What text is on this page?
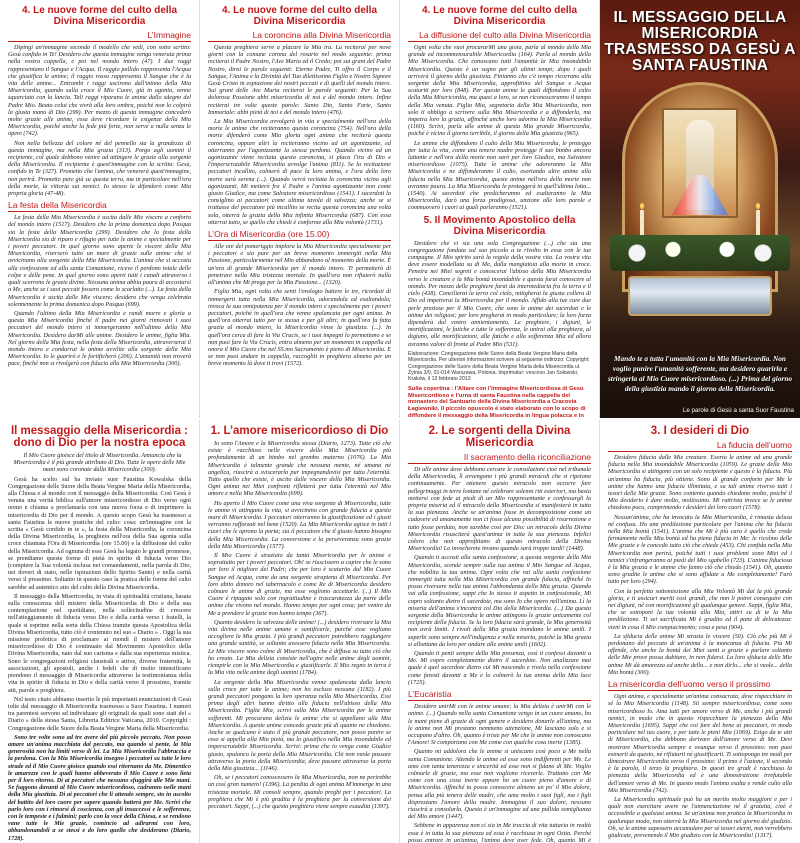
4. Le nuove forme del culto della Divina Misericordia
L’Immagine

Dipingi un'immagine secondo il modello che vedi, con sotto scritto: Gesù confido in Te! Desidero che questa immagine venga venerata prima nella vostra cappella, e poi nel mondo intero (47). I due raggi rappresentano il Sangue e l'Acqua. Il raggio pallido rappresenta l'Acqua che giustifica le anime; il raggio rosso rappresenta il Sangue che è la vita delle anime... Entrambi i raggi uscirono dall'intimo della Mia Misericordia, quando sulla croce il Mio Cuore, già in agonia, venne squarciato con la lancia. Tali raggi riparano le anime dallo sdegno del Padre Mio. Beato colui che vivrà alla loro ombra, poiché non lo colpirà la giusta mano di Dio (299). Per mezzo di questa immagine concederò molte grazie alle anime, essa deve ricordare le esigenze della Mia Misericordia, poiché anche la fede più forte, non serve a nulla senza le opere (742).

Non nella bellezza del colore né del pennello sta la grandezza di questa immagine, ma nella Mia grazia (313). Porgo agli uomini il recipiente, col quale debbono venire ad attingere le grazie alla sorgente della Misericordia. Il recipiente è quest'immagine con la scritta: Gesù, confido in Te (327). Prometto che l'anima, che venererà quest'immagine, non perirà. Prometto pure già su questa terra, ma in particolare nell'ora della morte, la vittoria sui nemici. Io stesso la difenderò come Mia propria gloria (47-48).

La festa della Misericordia

La festa della Mia Misericordia è uscita dalle Mie viscere a conforto del mondo intero (1517). Desidero che la prima domenica dopo Pasqua sia la festa della Misericordia (299). Desidero che la festa della Misericordia sia di riparo e rifugio per tutte le anime e specialmente per i poveri peccatori. In quel giorno sono aperte le viscere della Mia Misericordia, riverserò tutto un mare di grazie sulle anime che si avvicinano alla sorgente della Mia Misericordia. L'anima che si accosta alla confessione ed alla santa Comunione, riceve il perdono totale delle colpe e delle pene. In quel giorno sono aperti tutti i canali attraverso i quali scorrono le grazie divine. Nessuna anima abbia paura di accostarsi a Me, anche se i suoi peccati fossero come lo scarlatto (...). La festa della Misericordia è uscita dalle Mie viscere; desidero che venga celebrata solennemente la prima domenica dopo Pasqua (699).

Quando l'ultimo della Mia Misericordia e randi morre e gloria a questa Mia Misericordia finché il padre nei giorni rinnovati i suoi peccatori del mondo intero si immergeranno nell'ultimo della Mia Misericordia. Desidero darMi alle anime. Desidero le anime, figlia Mia. Nel giorno della Mia festa, nella festa della Misericordia, attraverserai il mondo intero e condurrai le anime avvilite alla sorgente della Mia Misericordia. Io le guarirò e le fortificherò (206). L'umanità non troverà pace, finché non si rivolgerà con fiducia alla Mia Misericordia (300).

4. Le nuove forme del culto della Divina Misericordia
La coroncina alla Divina Misericordia

Questa preghiera serve a placare la Mia ira. La reciterai per nove giorni con la comune corona del rosario nel modo seguente: prima reciterai il Padre Nostro, l'Ave Maria ed il Credo; poi sui grani del Padre Nostro, dirai le parole seguenti: Eterno Padre, Ti offro il Corpo e il Sangue, l'Anima e la Divinità del Tuo dilettissimo Figlio e Nostro Signore Gesù Cristo in espiazione dei nostri peccati e di quelli del mondo intero. Sui grani delle Ave Maria reciterai le parole seguenti: Per la Sua dolorosa Passione abbi misericordia di noi e del mondo intero. Infine reciterai tre volte queste parole: Santo Dio, Santo Forte, Santo Immortale: abbi pietà di noi e del mondo intero (476).

La Mia Misericordia avvolgerà in vita e specialmente nell'ora della morte le anime che reciteranno questa coroncina (754). Nell'ora della morte difenderò come Mia gloria ogni anima che reciterà questa coroncina, oppure altri la reciteranno vicino ad un agonizzante, ed otterranno per l'agonizzante la stessa perdono. Quando vicino ad un agonizzante viene recitata questa coroncina, si placa l'ira di Dio e l'imperscrutabile Misericordia avvolge l'anima (811). Se la recitazione peccatori incallito, colmerò di pace la loro anima, e l'ora della loro morte sarà serena (...). Quando verrà recitata la coroncina vicino agli agonizzanti, Mi metterò fra il Padre e l'anima agonizzante non come giusto Giudice, ma come Salvatore misericordioso (1541). I sacerdoti la consiglino ai peccatori come ultima tavola di salvezza; anche se si trattasse del peccatore più incallito se recita questa coroncina una volta sola, otterrà la grazia della Mia infinita Misericordia (687). Con essa otterrai tutto, se quello che chiedi è conforme alla Mia volontà (1731).

L’Ora di Misericordia (ore 15.00)

Alle ore del pomeriggio implora la Mia Misericordia specialmente per i peccatori e sia pure per un breve momento immergiti nella Mia Passione, particolarmente nel Mio abbandono al momento della morte. È un'ora di grande Misericordia per il mondo intero. Ti permetterò di penetrare nella Mia tristezza mortale. In quell'ora non rifiuterò nulla all'anima che Mi prega per la Mia Passione... (1320).

Figlia Mia, ogni volta che senti l'orologio battere le tre, ricordati di immergerti tutta nella Mia Misericordia, adorandola ed esaltandola; invoca la sua onnipotenza per il mondo intero e specialmente per i poveri peccatori, poiché in quell'ora che venne spalancata per ogni anima. In quell'ora otterrai tutto per te stessa e per gli altri; in quell'ora fu fatta grazia al mondo intero, la Misericordia vinse la giustizia. (...). In quell'ora cerca di fare la Via Crucis, se i tuoi impegni lo permettono e se non puoi fare la Via Crucis, entra almeno per un momento in cappella ed onora il Mio Cuore che nel SS.mo Sacramento è pieno di Misericordia. E se non puoi andare in cappella, raccogliti in preghiera almeno per un breve momento là dove ti trovi (1572).

4. Le nuove forme del culto della Divina Misericordia
La diffusione del culto alla Divina Misericordia

Ogni volta che vuoi procurarMi una gioia, parla al mondo della Mia grande ed incommensurabile Misericordia (164). Parla al mondo della Mia Misericordia. Che conoscano tutti l'umanità la Mia insondabile Misericordia. Questo è un segno per gli ultimi tempi; dopo i quali arriverà il giorno della giustizia. Finianno che c'è tempo ricorrano alla sorgente della Mia Misericordia, approfittino del Sangue e Acqua scaturiti per loro (848). Per queste anime le quali diffondono il culto della Mia Misericordia, ma quasi a loro, se non riconosceranno il tempo della Mia venuta. Figlia Mia, segretaria della Mia Misericordia, non solo ti obbligo a scrivere sulla Mia Misericordia e a diffonderla, ma impetra loro la grazia, affinché anche loro adorino la Mia Misericordia (1160). Scrivi, parla alle anime di questa Mia grande Misericordia, poiché è vicino il giorno terribile, il giorno della Mia giustizia (965).

Le anime che diffondono il culto della Mia Misericordia, le proteggo per tutta la vita, come una tenera madre protegge il suo bimbo ancora lattante e nell'ora della morte non sarò per loro Giudice, ma Salvatore misericordioso (1075). Tutte le anime che adoreranno la Mia Misericordia e ne diffonderanno il culto, esortando altre anime alla fiducia nella Mia Misericordia, queste anime nell'ora della morte non avranno paura. La Mia Misericordia le proteggerà in quell'ultima lotta... (1540). Ai sacerdoti che predicheranno ed esalteranno la Mia Misericordia, darò una forza prodigiosa, unzione alle loro parole e commuoverò i cuori ai quali parleranno (1521).

5. Il Movimento Apostolico della Divina Misericordia

Desidero che vi sia una sola Congregazione (...) che sia una congregazione fondata sul suo piccolo a te rivolto in essa con le tue compagne. Il Mio spirito sarà la regola della vostra vita. La vostra vita deve essere modellata su di Me, dalla mangiatoia alla morte in croce. Penetra nei Miei segreti e conoscerai l'abisso della Mia Misericordia verso le creature e la Mia bontà insondabile e questa farai conoscere al mondo. Per mezzo delle preghiere farai da intermediaria fra la terra e il cielo (438). Concilierai la terra col cielo, mitigherai la giusta collera di Dio ed impetrerai la Misericordia per il mondo. Affido alla tue cure due perle preziose per il Mio Cuore, che sono le anime dei sacerdoti e le anime dei religiosi; per loro pregherai in modo particolare; la loro forza dipenderà dal vostro annientamento. Le preghiere, i digiuni, le mortificazioni, le fatiche e tutte le sofferenze, le unirai alla preghiera, al digiuno, alle mortificazioni, alle fatiche e alla sofferenza Mia ed allora avranno valore di fronte al Padre Mio (531).

Elaborazione: Congregazione delle Suore della Beata Vergine Maria della Misericordia. Per ulteriori informazioni scrivere al seguente indirizzo: Copyright: Congregazione delle Suore della Beata Vergine Maria della Misericordia ul. Żytnia 3/9, 01-014 Warszawa, Polonia. Imprimatur: vescovo Jan Sołowski, Kraków, il 12 febbraio 2013
Sulla copertina : l’Altare con l’Immagine Misericordiosa di Gesù Misericordioso e l’urna di santa Faustina nella cappella del monastero del Santuario della Divina Misericordia a Cracovia Łagiewniki. Il piccolo opuscolo è stato elaborato con lo scopo di diffondere il messaggio della Misericordia in lingua polacca e in
IL MESSAGGIO DELLA MISERICORDIA TRASMESSO DA GESÙ A SANTA FAUSTINA
Mando te a tutta l'umanità con la Mia Misericordia. Non voglio punire l'umanità sofferente, ma desidero guarirla e stringerla al Mio Cuore misericordioso. (...) Prima del giorno della giustizia mando il giorno della Misericordia.
Le parole di Gesù a santa Suor Faustina
Il messaggio della Misericordia : dono di Dio per la nostra epoca

Il Mio Cuore gioisce del titolo di Misericordia. Annuncia che la Misericordia è il più grande attributo di Dio. Tutte le opere delle Mie mani sono coronate dalla Misericordia (300).

Gesù ha scelto sul ha inviato suor Faustina Kowalska della Congregazione delle Suore della Beata Vergine Maria della Misericordia, alla Chiesa e al mondo con il messaggio della Misericordia. Così Gesù è venuta una verità biblica sull'amore misericordioso di Dio verso ogni uomo e chiama a proclamarla con una nuova forza e di imprimere la misericordia di Dio per il mondo. A questo scopo Gesù ha trasmesso a santa Faustina le nuove pratiche del culto: cosa: un'immagine con la scritta « Gesù confido in te », la festa della Misericordia, la coroncina della Divina Misericordia, la preghiera nell'ora della Sua agonia sulla croce chiamata l'Ora di Misericordia (ore 15.00) e la diffusione del culto della Misericordia. Ad ognuna di esse Gesù ha legato le grandi promesse, se prendiamo queste forme di pietà in spirito di fiducia verso Dio (compiere la Sua volontà inclusa nei comandamenti, nella parola di Dio, nei doveri di stato, nelle ispirazioni dello Spirito Santo) e nella carità verso il prossimo. Soltanto in questo caso la pratica delle forme del culto sarebbe ad autentico atto del culto della Divina Misericordia.

Il messaggio della Misericordia, in vista di spiritualità cristiana, basata sulla conoscenza dell mistero della Misericordia di Dio e della sua contemplazione nel quotidiano, nella sollecitudine di crescere nell'atteggiamento di fiducia verso Dio e della carità verso i fratelli, la quale si esprime nella sorta della Chiesa tramite questa Apostolica della Divina Misericordia, tutto ciò è contenuto nel suo « Diario » . Oggi la sua missione profetica di proclamare ai mondi il mistero dell'amore misericordioso di Dio è continuato dal Movimento Apostolico della Divina Misericordia, nato dal suo carisma e dalla sua esperienza mistica. Sono le congregazioni religiosi claustrali e attive, diverse fraternità, le associazioni, gli apostoli, anche i fedeli che di molto intensificano prendono il messaggio di Misericordia attraverso la testimonianza della vita in spirito di fiducia in Dio e della carità verso il prossimo, tramite atti, parole e preghiera.

Nel testo citato abbiamo inserito le più importanti enunciazioni di Gesù tolte dal messaggio di Misericordia trasmesso a Suor Faustina. I numeri tra parentesi servono ad individuare gli originali da quali sono stati del « Diario » della stessa Santa, Libreria Editrice Vaticana, 2010. Copyright : Congregazione delle Suore della Beata Vergine Maria della Misericordia.

Sono tre volte sono ad tre avere del più piccolo peccato. Non posso amare un'anima macchiata dal peccato, ma quando si pente, la Mia generosità non ha limiti verso di lei. La Mia Misericordia l'abbraccia e la perdona. Con la Mia Misericordia insegno i peccatori su tutte le loro strade ed il Mio Cuore gioisce quando essi ritornano da Me. Dimentico le amarezze con le quali hanno abbeverato il Mio Cuore e sono lieta per il loro ritorno. Di ai peccatori che nessuno sfuggirà alle Mie mani. Se fuggono davanti al Mio Cuore misericordioso, cadranno nelle mani della Mia giustizia. Di ai peccatori che li attendo sempre, sto in ascolto del battito del loro cuore per sapere quando batterà per Me. Scrivi che parlo loro con i rimorsi di coscienza, con gli insuccessi e le sofferenze, con le tempeste e i fulmini; parlo con la voce della Chiesa, e se rendono vane tutte le Mie grazie, comincio ad adirarmi con loro, abbandonandoli a se stessi e do loro quello che desiderano (Diario, 1728).

1. L’amore misericordioso di Dio

Io sono l'Amore e la Misericordia stessa (Diario, 1273). Tutte ciò che esiste è racchiuso nelle viscere della Mia Misericordia più profondamente di un bimbo nel grembo materno (1076). La Mia Misericordia è talmente grande che nessuna mente, né umana né angelica, riuscirà a sviscerarla pur impegnandovisi per tutta l'eternità. Tutto quello che esiste, è uscito dalle viscere della Mia Misericordia. Ogni anima nei Miei confronti rifletterà per tutta l'eternità nel Mio amore e nella Mia Misericordia (699).

Ho aperto il Mio Cuore come una viva sorgente di Misericordia, tutte le anime vi attingano la vita, si avvicinino con grande fiducia a questo mare di Misericordia. I peccatori otterranno la giustificazione ed i giusti verranno rafforzati nel bene (1520). La Mia Misericordia agisce in tutti i cuori che le aprono la porta; sia il peccatore che il giusto hanno bisogno della Mia Misericordia. La conversione e la perseveranza sono grazie della Mia Misericordia (1577).

Il Mio Cuore è straziato da tanta Misericordia per le anime e soprattutto per i poveri peccatori. Oh! se riuscissero a capire che le sono per loro il migliore dei Padri; che per loro è scaturito dal Mio Cuore Sangue ed Acqua, come da una sorgente strapiena di Misericordia. Per loro abito dimoro nel tabernacolo e come Re di Misericordia desidero colmare le anime di grazie, ma esse vogliono accettarle. (...) Il Mio Cuore è ripagato solo con ingratitudine e trascuratezza da parte delle anime che vivono nel mondo. Hanno tempo per ogni cosa; per venire da Me a prendere le grazie non hanno tempo (367).

Quanto desidero la salvezza delle anime! (...) desidero riversare la Mia vita divina nelle anime umane e santificarle, purché esse vogliano accogliere la Mia grazia. I più grandi peccatori potrebbero raggiungere una grande santità, se soltanto avessero fiducia nella Mia Misericordia. Le Mie viscere sono colme di Misericordia, che è diffusa su tutto ciò che ho creato. La Mia delizia consiste nell'agire nelle anime degli uomini, riempirle con la Mia Misericordia e giustificarle. Il Mio regno in terra è la Mia vita nelle anime degli uomini (1784).

La sorgente della Mia Misericordia venne spalancata dalla lancia sulla croce per tutte le anime; non ho escluso nessuna (1182). I più grandi peccatori pongano la loro speranza nella Mia Misericordia. Essi prima degli altri hanno diritto alla fiducia nell'abisso della Mia Misericordia. Figlia Mia, scrivi sulla Mia Misericordia per le anime sofferenti. Mi procurano delizia le anime che si appellano alla Mia Misericordia. A queste anime concedo grazie più di quante ne chiedono. Anche se qualcuno è stato il più grande peccatore, non posso punire se esso si appella alla Mia pietà, ma lo giustifico nella Mia insondabile ed imperscrutabile Misericordia. Scrivi: prima che io venga come Giudice giusto, spalanco la porta della Mia Misericordia. Chi non vuole passare attraverso la porta della Misericordia, deve passare attraverso la porta della Mia giustizia... (1146).

Oh, se i peccatori conoscessero la Mia Misericordia, non ne perirebbe un così gran numero! (1396). La perdita di ogni anima M'immerge in una tristezza mortale. Mi consoli sempre, quando preghi per i peccatori. La preghiera che Mi è più gradita è la preghiera per la conversione dei peccatori. Sappi, (...) che questa preghiera viene sempre esaudita (1397).

2. Le sorgenti della Divina Misericordia
Il sacramento della riconciliazione

Di alle anime dove debbono cercare le consolazioni cioè nel tribunale della Misericordia, lì avvengono i più grandi miracoli che si ripetono continuamente. Per ottenere questo miracolo non occorre fare pellegrinaggi in terre lontane né celebrare solenni riti esteriori, ma basta mettersi con fede ai piedi di un Mio rappresentante e confessargli la propria miseria ed il miracolo della Misericordia si manifesterà in tutta la sua pienezza. Anche se un'anima fosse in decomposizione come un cadavere ed umanamente non ci fosse alcuna possibilità di risurrezione e tutto fosse perduto, non sarebbe così per Dio: un miracolo della Divina Misericordia risusciterà quest'anima in tutta la sua pienezza. Infelici coloro che non approfittano di questo miracolo della Divina Misericordia! Lo invocherete invano quando sarà troppo tardi! (1448).

Quando ti accosti alla santa confessione, a questa sorgente della Mia Misericordia, scende sempre sulla tua anima il Mio Sangue ed Acqua, che nobilita la tua anima. Ogni volta che vai alla santa confessione immergiti tutta nella Mia Misericordia con grande fiducia, affinché Io possa riversare nella tua anima l'abbondanza della Mia grazia. Quando vai alla confessione, sappi che Io stesso ti aspetto in confessionale, Mi copro soltanto dietro il sacerdote, ma sono Io che opero nell'anima. Lì la miseria dell'anima s'incontra col Dio della Misericordia. (...) Da questa sorgente della Misericordia le anime attingono le grazie unicamente col recipiente della fiducia. Se la loro fiducia sarà grande, la Mia generosità non avrà limiti. I rivoli della Mia grazia inondano le anime umili. I superbi sono sempre nell'indigenza e nella miseria, poiché la Mia grazia si allontana da loro per andare alle anime umili (1602).

Quando ti penti sempre della Mia presenza, così ti confessi davanti a Me. Mi copro completamente dietro il sacerdote. Non analizzare mai quale è quel sacerdote dietro cui Mi nascondo e rivela nella confessione come faresti davanti a Me e lo colmerò la tua anima della Mia luce (1725).

L’Eucaristia

Desidero unirMi con le anime umane; la Mia delizia è unirMi con le anime. (...) Quando nella santa Comunione vengo in un cuore umano, ho le mani piene di grazie di ogni genere e desidero donarle all'anima, ma le anime non Mi prestano nemmeno attenzione, Mi lasciano solo e si occupano d'altro. Oh, quanto è triste per Me che le anime non conoscano l'Amore! Si comportano con Me come con qualche cosa inerte (1385).

Quanto mi addolora che le anime si uniscano così poco a Me nella santa Comunione. Attendo le anime ed esse sono indifferenti per Me. Le amo con tanta tenerezza e sincerità ed esse non si fidano di Me. Voglio colmarle di grazie, ma esse non vogliono riceverle. Trattano con Me come con una cosa inerte eppure ho un cuore pieno d'amore e di Misericordia. Affinché tu possa conoscere almeno un po' il Mio dolore, pensa alla più tenera delle madri, che ama molto i suoi figli, ma i figli disprezzano l'amore della madre. Immagina il suo dolore, nessuno riuscirà a consolarla. Questa è un'immagine ed una pallida somiglianza del Mio amore (1447).

Sebbene in apparenza non ci sia in Me traccia di vita tuttavia in realtà essa è in tutta la sua pienezza ed essa è racchiusa in ogni Ostia. Perché possa entrare in un'anima, l'anima deve aver fede. Oh, quanto Mi è

3. I desideri di Dio
La fiducia dell’uomo

Desidero fiducia dalle Mie creature. Esorta le anime ad una grande fiducia nella Mia insondabile Misericordia (1059). Le grazie della Mia Misericordia si attingono con un solo recipiente e questo è la fiducia. Più un'anima ha fiducia, più ottiene. Sono di grande conforto per Me le anime che hanno una fiducia illimitata, e su tali anime riverso tutti i tesori delle Mie grazie. Sono contento quando chiedono molto, poiché il Mio desiderio è dare molto, moltissimo. Mi rattrista invece se le anime chiedono poco, comprimendo i desideri dei loro cuori (1578).

Nessun'anima, che ha invocato la Mia Misericordia, è rimasta delusa né confusa. Ho una predilezione particolare per l'anima che ha fiducia nella Mia bontà (1541). L'anima che Mi è più cara è quella che crede fermamente nella Mia bontà ed ha piena fiducia in Me: le ricolmo delle Mie grazie e le concedo tutto ciò che chiede (453). Chi confida nella Mia Misericordia non perirà, poiché tutti i suoi problemi sono Miei ed i nemici s'infrangeranno ai piedi del Mio sgabello (723). L'anima fiduciosa è la Mia grazia e le anime che fanno ciò che chiedo (1541). Oh, quanto sono gradite le anime che si sono affidate a Me completamente! Farò tutto per loro (294).

Con la perfetta sottomissione alla Mia Volontà Mi dai la più grande gloria, e ti assicuri meriti così grandi, che non li potrei conseguire con nei digiuni, né con mortificazioni gli qualunque genere. Sappi, figlia Mia, che se sottoponi la tua volontà alla Mia, attiri su di te la Mia predilezione. Ti sei sacrificata Mi è gradito ed il pane di delicatezza: vieni in cosa il Mio compiacimento; cosa e pesa (904).

La sfiducia delle anime Mi strazia le viscere (50). Ciò che più Mi è perdonano del peccato di un'anima è la mancanza di fiducia. Più Mi offende, che anche la bontà dei Miei santi a grazie e parlare soltanto delle Mie prove possa dubitare, in non fidarsi. La loro sfiducia delle Mie anime Mi dà amarezza ed anche dello... e non dirlo... che si vuole... della Mia bontà (300).

La misericordia dell’uomo verso il prossimo

Ogni anima, e specialmente un'anima consacrata, deve rispecchiare in sé la Mia Misericordia (1148). Sii sempre misericordiosa, come sono misericordioso Io. Ama tutti per amore verso di Me, anche i più grandi nemici, in modo che in questo rispecchiare la pienezza della Mia Misericordia (1695). Sappi che coi fare del bene ai peccatori, in modo particolare nel tuo cuore, e per tutte le pieni Mia (1069). Esigo da te atti di Misericordia, che debbono derivare dall'amore verso di Me. Devi mostrare Misericordia sempre e ovunque verso il prossimo: non puoi esimerti da questo, né rifiutarti né giustificarti. Ti sottopongo tre modi per dimostrare Misericordia verso il prossimo: il primo è l'azione, il secondo è la parola, il terzo la preghiera. In questi tre gradi è racchiusa la pienezza della Misericordia ed è una dimostrazione irrefutabile dell'amore verso di Me. In questo modo l'anima esalta e rende culto alla Mia Misericordia (742).

La Misericordia spirituale può ha un merito molto maggiore e per i quali non esercitare avere ne l'annunciazione né il gratuita, cioè è accessibile a qualsiasi anima. Se un'anima non pratica la Misericordia in qualunque modo, non otterrà la Mia Misericordia nel giorno del giudizio. Oh, se le anime sapessero accumulare per sé tesori eterni, non verrebbero giudicate, prevenendo il Mio giudizio con la Misericordia! (1317).
